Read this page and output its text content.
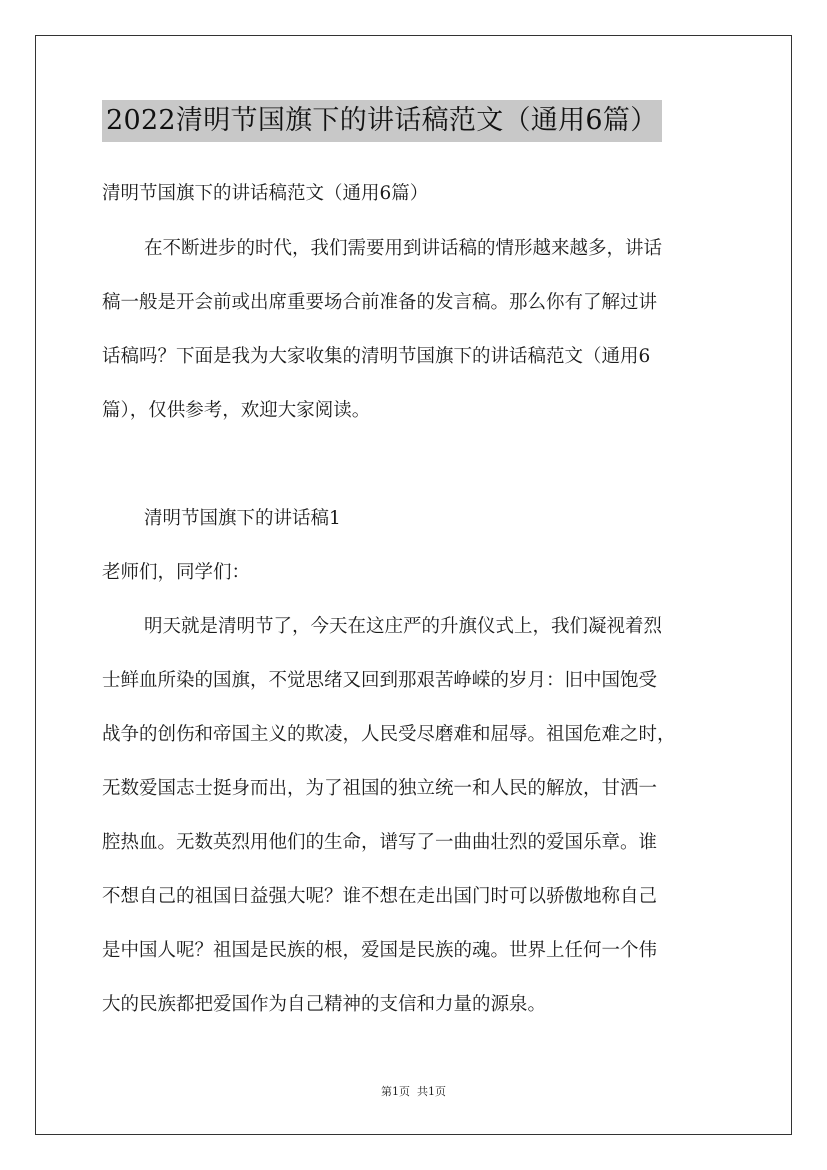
2022清明节国旗下的讲话稿范文（通用6篇）
清明节国旗下的讲话稿范文（通用6篇）
在不断进步的时代，我们需要用到讲话稿的情形越来越多，讲话
稿一般是开会前或出席重要场合前准备的发言稿。那么你有了解过讲
话稿吗？下面是我为大家收集的清明节国旗下的讲话稿范文（通用6
篇），仅供参考，欢迎大家阅读。
清明节国旗下的讲话稿1
老师们，同学们：
明天就是清明节了，今天在这庄严的升旗仪式上，我们凝视着烈
士鲜血所染的国旗，不觉思绪又回到那艰苦峥嵘的岁月：旧中国饱受
战争的创伤和帝国主义的欺凌，人民受尽磨难和屈辱。祖国危难之时，
无数爱国志士挺身而出，为了祖国的独立统一和人民的解放，甘洒一
腔热血。无数英烈用他们的生命，谱写了一曲曲壮烈的爱国乐章。谁
不想自己的祖国日益强大呢？谁不想在走出国门时可以骄傲地称自己
是中国人呢？祖国是民族的根，爱国是民族的魂。世界上任何一个伟
大的民族都把爱国作为自己精神的支信和力量的源泉。
第1页  共1页
